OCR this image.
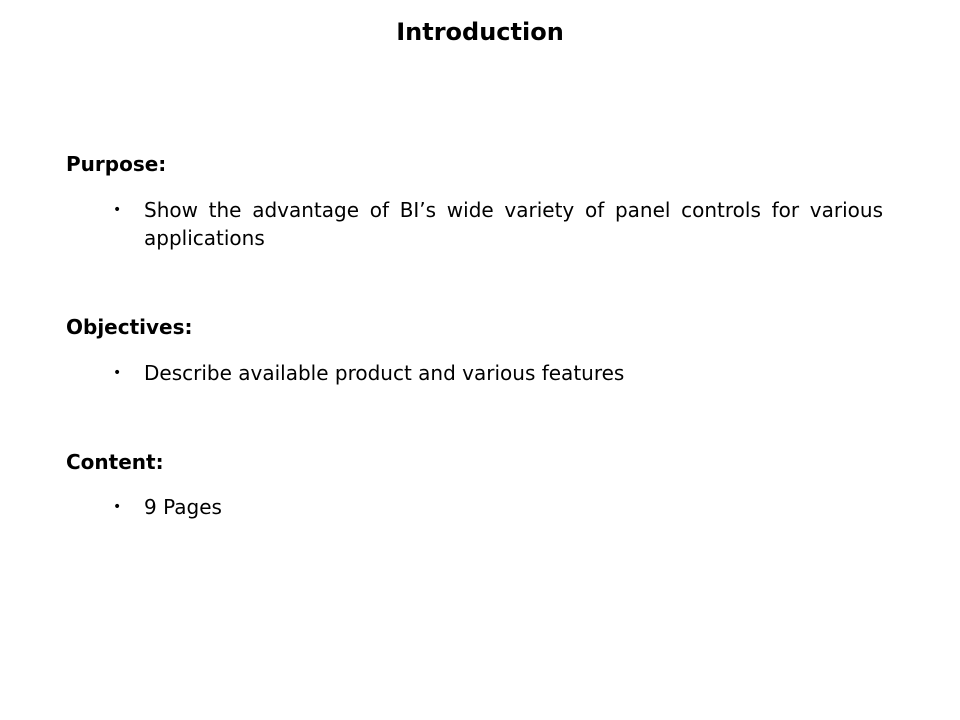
Introduction
Purpose:
• Show the advantage of BI’s wide variety of panel controls for various applications
Objectives:
• Describe available product and various features
Content:
• 9 Pages
